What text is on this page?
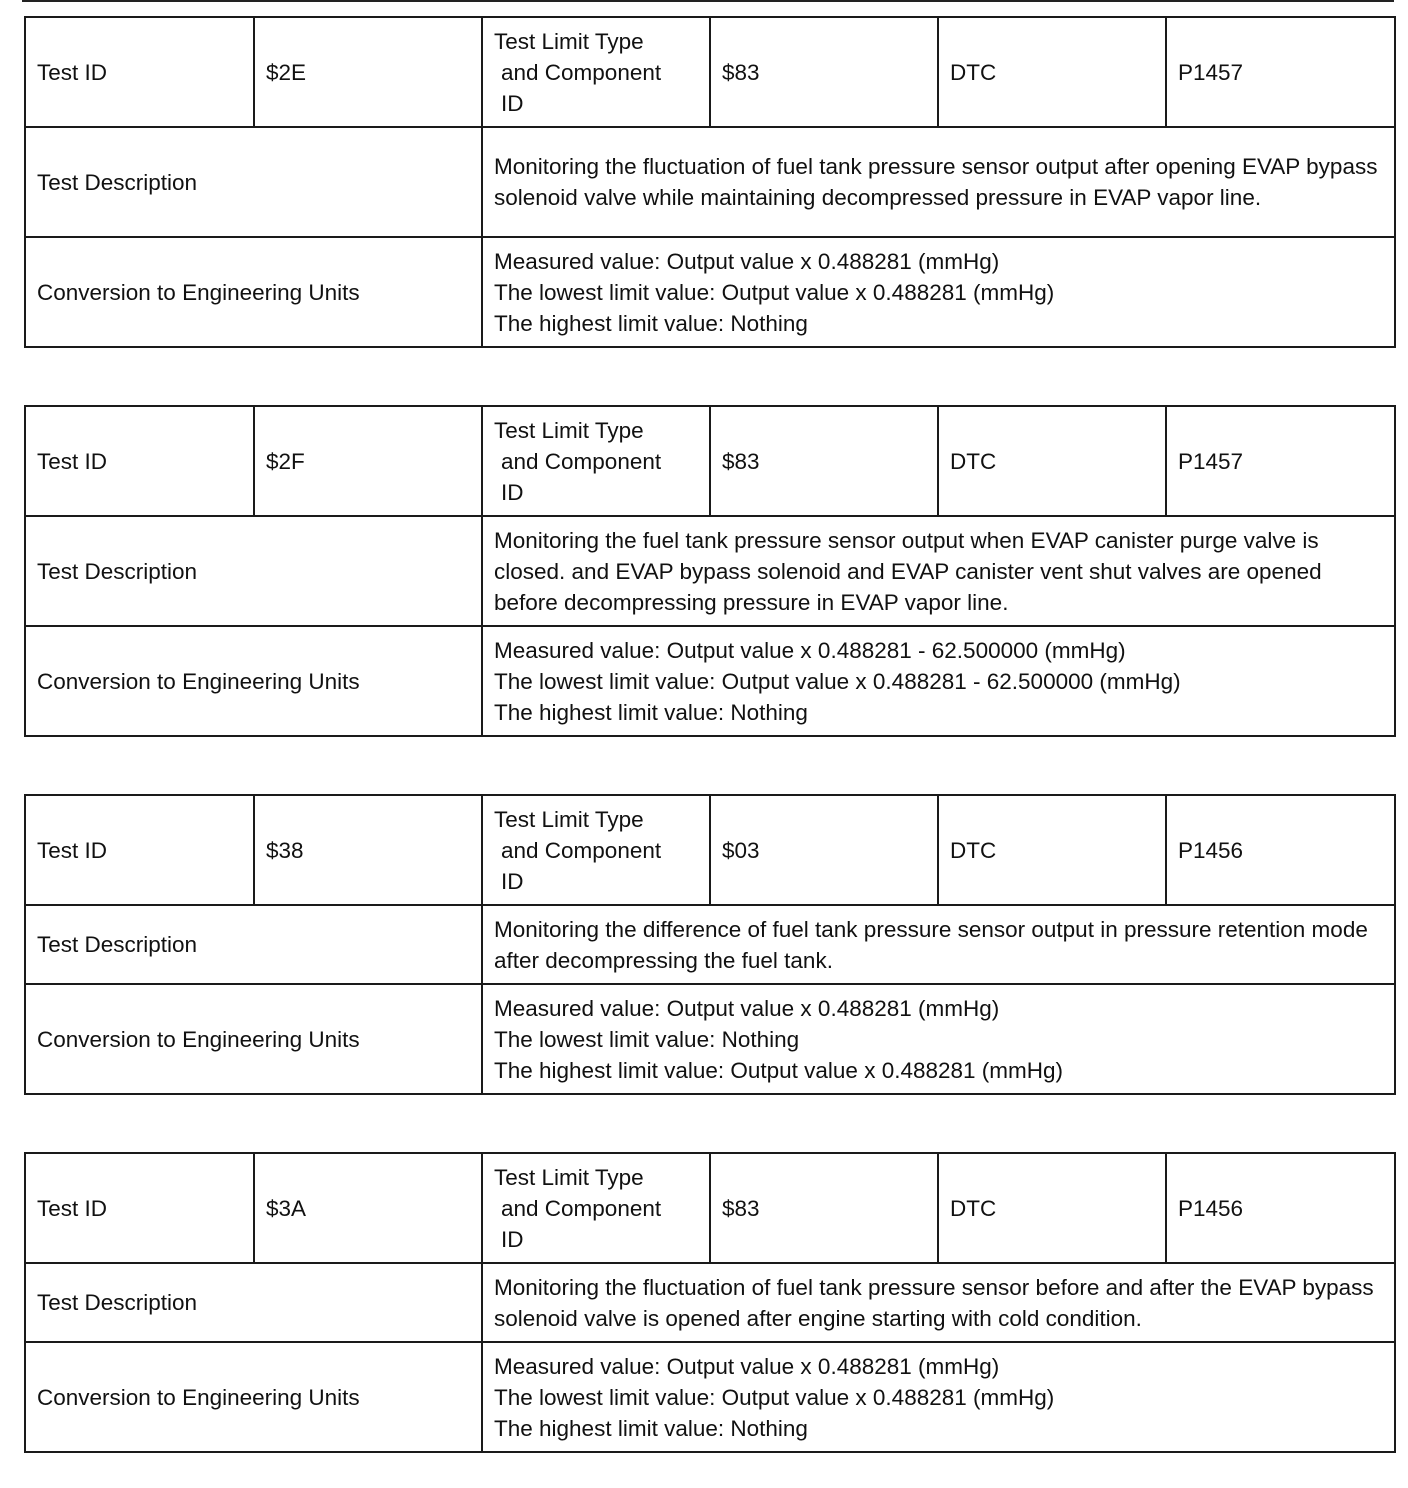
Test ID	$2E	Test Limit Type
and Component
ID	$83	DTC	P1457
Test Description		Monitoring the fluctuation of fuel tank pressure sensor output after opening EVAP bypass solenoid valve while maintaining decompressed pressure in EVAP vapor line.			
Conversion to Engineering Units		Measured value: Output value x 0.488281 (mmHg)
The lowest limit value: Output value x 0.488281 (mmHg)
The highest limit value: Nothing			
Test ID	$2F	Test Limit Type
and Component
ID	$83	DTC	P1457
Test Description		Monitoring the fuel tank pressure sensor output when EVAP canister purge valve is closed. and EVAP bypass solenoid and EVAP canister vent shut valves are opened before decompressing pressure in EVAP vapor line.			
Conversion to Engineering Units		Measured value: Output value x 0.488281 - 62.500000 (mmHg)
The lowest limit value: Output value x 0.488281 - 62.500000 (mmHg)
The highest limit value: Nothing			
Test ID	$38	Test Limit Type
and Component
ID	$03	DTC	P1456
Test Description		Monitoring the difference of fuel tank pressure sensor output in pressure retention mode after decompressing the fuel tank.			
Conversion to Engineering Units		Measured value: Output value x 0.488281 (mmHg)
The lowest limit value: Nothing
The highest limit value: Output value x 0.488281 (mmHg)			
Test ID	$3A	Test Limit Type
and Component
ID	$83	DTC	P1456
Test Description		Monitoring the fluctuation of fuel tank pressure sensor before and after the EVAP bypass solenoid valve is opened after engine starting with cold condition.			
Conversion to Engineering Units		Measured value: Output value x 0.488281 (mmHg)
The lowest limit value: Output value x 0.488281 (mmHg)
The highest limit value: Nothing			
